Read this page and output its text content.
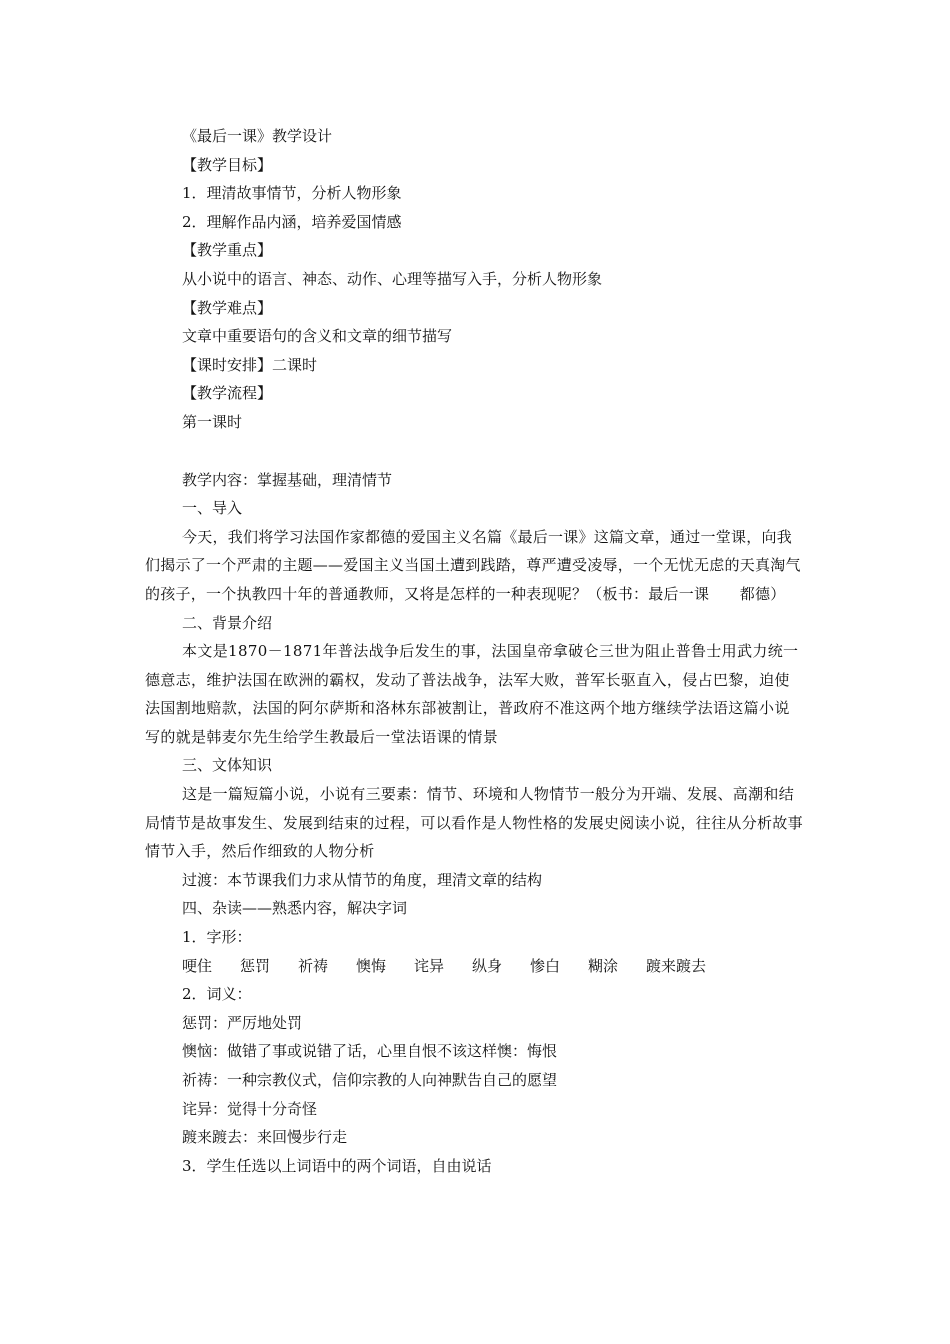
《最后一课》教学设计
【教学目标】
1．理清故事情节，分析人物形象
2．理解作品内涵，培养爱国情感
【教学重点】
从小说中的语言、神态、动作、心理等描写入手，分析人物形象
【教学难点】
文章中重要语句的含义和文章的细节描写
【课时安排】二课时
【教学流程】
第一课时
教学内容：掌握基础，理清情节
一、导入
今天，我们将学习法国作家都德的爱国主义名篇《最后一课》这篇文章，通过一堂课，向我们揭示了一个严肃的主题——爱国主义当国土遭到践踏，尊严遭受凌辱，一个无忧无虑的天真淘气的孩子，一个执教四十年的普通教师，又将是怎样的一种表现呢？（板书：最后一课　　都德）
二、背景介绍
本文是1870－1871年普法战争后发生的事，法国皇帝拿破仑三世为阻止普鲁士用武力统一德意志，维护法国在欧洲的霸权，发动了普法战争，法军大败，普军长驱直入，侵占巴黎，迫使法国割地赔款，法国的阿尔萨斯和洛林东部被割让，普政府不准这两个地方继续学法语这篇小说写的就是韩麦尔先生给学生教最后一堂法语课的情景
三、文体知识
这是一篇短篇小说，小说有三要素：情节、环境和人物情节一般分为开端、发展、高潮和结局情节是故事发生、发展到结束的过程，可以看作是人物性格的发展史阅读小说，往往从分析故事情节入手，然后作细致的人物分析
过渡：本节课我们力求从情节的角度，理清文章的结构
四、杂读——熟悉内容，解决字词
1．字形：
哽住 惩罚 祈祷 懊悔 诧异 纵身 惨白 糊涂 踱来踱去
2．词义：
惩罚：严厉地处罚
懊恼：做错了事或说错了话，心里自恨不该这样懊：悔恨
祈祷：一种宗教仪式，信仰宗教的人向神默告自己的愿望
诧异：觉得十分奇怪
踱来踱去：来回慢步行走
3．学生任选以上词语中的两个词语，自由说话
